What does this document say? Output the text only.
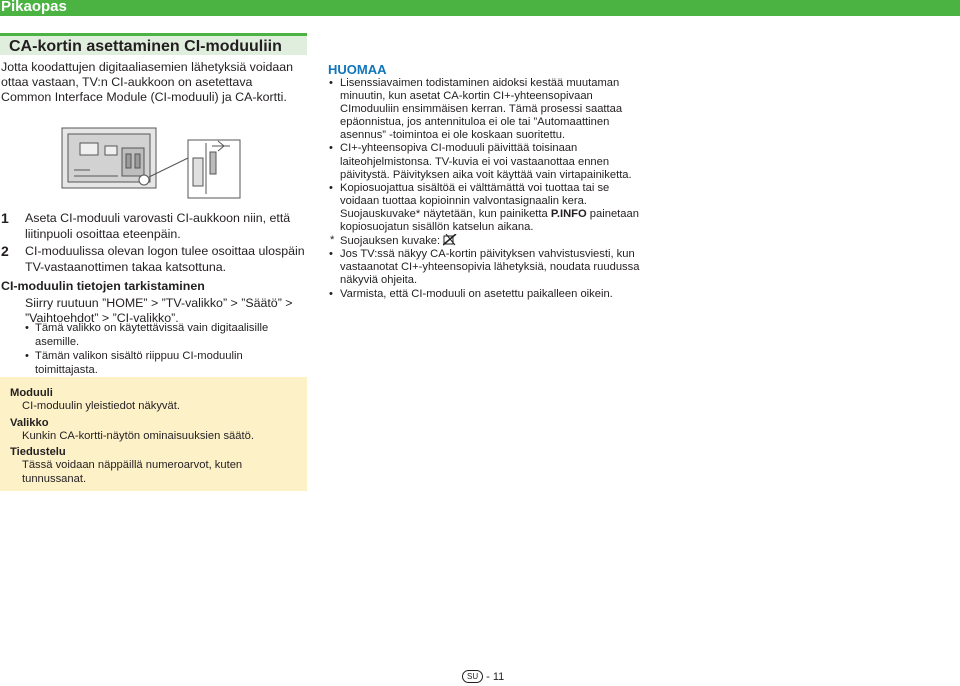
Pikaopas
CA-kortin asettaminen CI-moduuliin
Jotta koodattujen digitaaliasemien lähetyksiä voidaan ottaa vastaan, TV:n CI-aukkoon on asetettava Common Interface Module (CI-moduuli) ja CA-kortti.
1 Aseta CI-moduuli varovasti CI-aukkoon niin, että liitinpuoli osoittaa eteenpäin.
2 CI-moduulissa olevan logon tulee osoittaa ulospäin TV-vastaanottimen takaa katsottuna.
CI-moduulin tietojen tarkistaminen
Siirry ruutuun ”HOME” > ”TV-valikko” > ”Säätö” > ”Vaihtoehdot” > ”CI-valikko”.
• Tämä valikko on käytettävissä vain digitaalisille asemille.
• Tämän valikon sisältö riippuu CI-moduulin toimittajasta.
Moduuli
CI-moduulin yleistiedot näkyvät.
Valikko
Kunkin CA-kortti-näytön ominaisuuksien säätö.
Tiedustelu
Tässä voidaan näppäillä numeroarvot, kuten tunnussanat.
HUOMAA
• Lisenssiavaimen todistaminen aidoksi kestää muutaman minuutin, kun asetat CA-kortin CI+-yhteensopivaan CImoduuliin ensimmäisen kerran. Tämä prosessi saattaa epäonnistua, jos antennituloa ei ole tai ”Automaattinen asennus” -toimintoa ei ole koskaan suoritettu.
• CI+-yhteensopiva CI-moduuli päivittää toisinaan laiteohjelmistonsa. TV-kuvia ei voi vastaanottaa ennen päivitystä. Päivityksen aika voit käyttää vain virtapainiketta.
• Kopiosuojattua sisältöä ei välttämättä voi tuottaa tai se voidaan tuottaa kopioinnin valvontasignaalin kera. Suojauskuvake* näytetään, kun painiketta P.INFO painetaan kopiosuojatun sisällön katselun aikana.
* Suojauksen kuvake:
• Jos TV:ssä näkyy CA-kortin päivityksen vahvistusviesti, kun vastaanotat CI+-yhteensopivia lähetyksiä, noudata ruudussa näkyviä ohjeita.
• Varmista, että CI-moduuli on asetettu paikalleen oikein.
SU - 11
